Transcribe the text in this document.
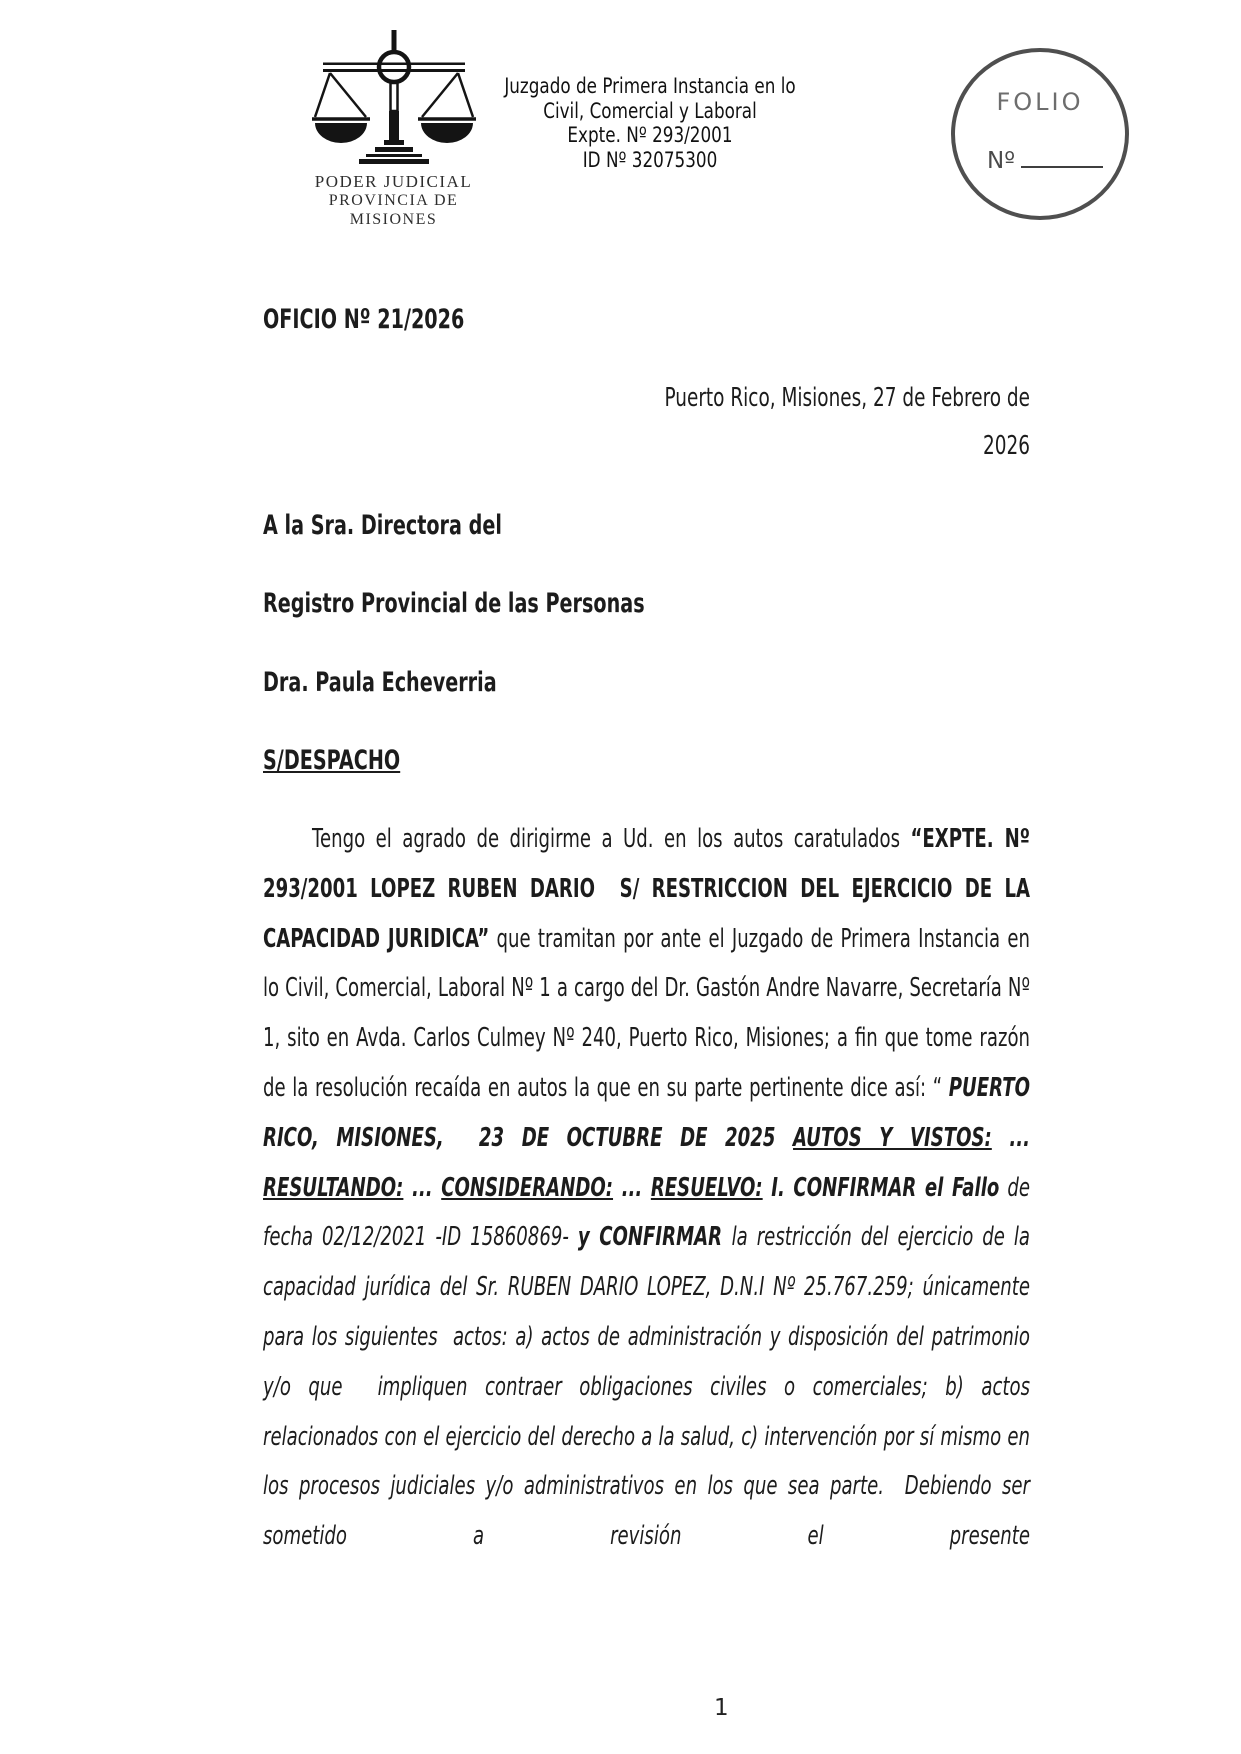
PODER JUDICIAL
PROVINCIA DE MISIONES
Juzgado de Primera Instancia en lo
Civil, Comercial y Laboral
Expte. Nº 293/2001
ID Nº 32075300
FOLIO
Nº
OFICIO Nº 21/2026
Puerto Rico, Misiones, 27 de Febrero de
2026
A la Sra. Directora del
Registro Provincial de las Personas
Dra. Paula Echeverria
S/DESPACHO
Tengo el agrado de dirigirme a Ud. en los autos caratulados “EXPTE. Nº 293/2001 LOPEZ RUBEN DARIO  S/ RESTRICCION DEL EJERCICIO DE LA CAPACIDAD JURIDICA” que tramitan por ante el Juzgado de Primera Instancia en lo Civil, Comercial, Laboral Nº 1 a cargo del Dr. Gastón Andre Navarre, Secretaría Nº 1, sito en Avda. Carlos Culmey Nº 240, Puerto Rico, Misiones; a fin que tome razón de la resolución recaída en autos la que en su parte pertinente dice así: “ PUERTO RICO, MISIONES,  23 DE OCTUBRE DE 2025 AUTOS Y VISTOS: ... RESULTANDO: ... CONSIDERANDO: ... RESUELVO: I. CONFIRMAR el Fallo de fecha 02/12/2021 -ID 15860869- y CONFIRMAR la restricción del ejercicio de la capacidad jurídica del Sr. RUBEN DARIO LOPEZ, D.N.I Nº 25.767.259; únicamente para los siguientes  actos: a) actos de administración y disposición del patrimonio y/o que  impliquen contraer obligaciones civiles o comerciales; b) actos relacionados con el ejercicio del derecho a la salud, c) intervención por sí mismo en los procesos judiciales y/o administrativos en los que sea parte.  Debiendo ser sometido a revisión el presente
1
